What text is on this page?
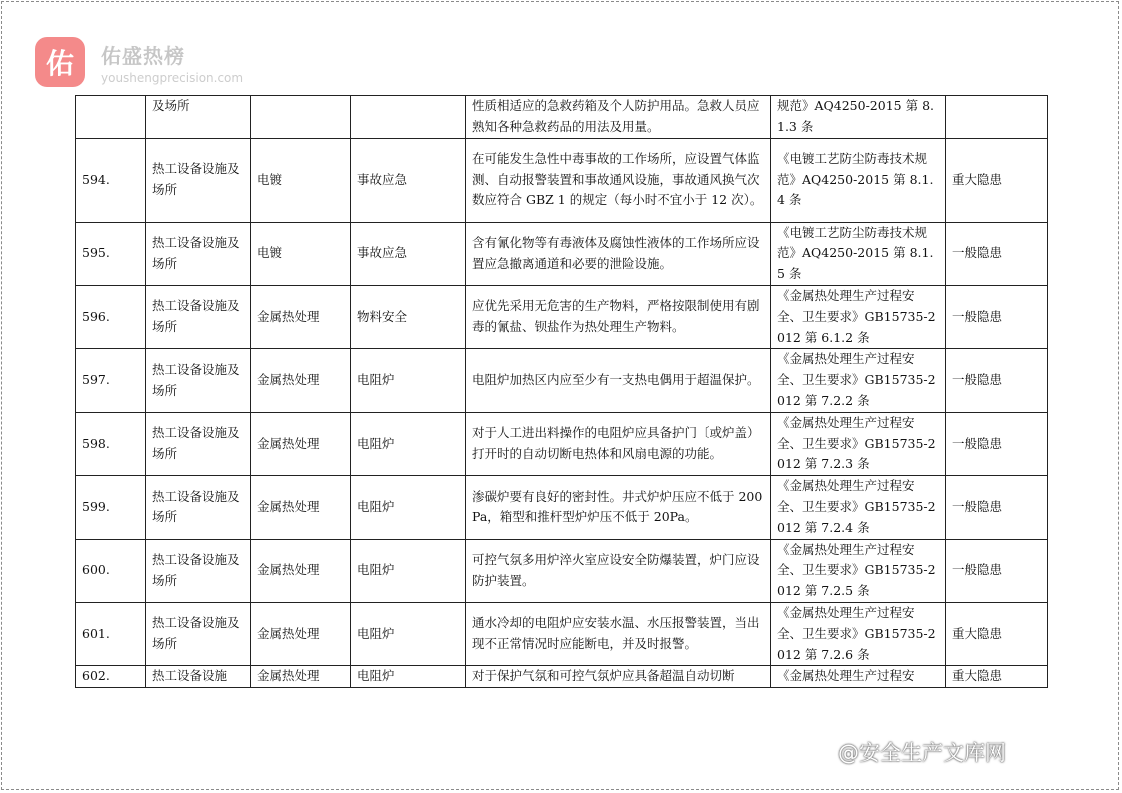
佑	佑盛热榜
youshengprecision.com
	及场所			性质相适应的急救药箱及个人防护用品。急救人员应熟知各种急救药品的用法及用量。	规范》AQ4250-2015 第 8.1.3 条	
594.	热工设备设施及场所	电镀	事故应急	在可能发生急性中毒事故的工作场所，应设置气体监测、自动报警装置和事故通风设施，事故通风换气次数应符合 GBZ 1 的规定（每小时不宜小于 12 次）。	《电镀工艺防尘防毒技术规范》AQ4250-2015 第 8.1.4 条	重大隐患
595.	热工设备设施及场所	电镀	事故应急	含有氰化物等有毒液体及腐蚀性液体的工作场所应设置应急撤离通道和必要的泄险设施。	《电镀工艺防尘防毒技术规范》AQ4250-2015 第 8.1.5 条	一般隐患
596.	热工设备设施及场所	金属热处理	物料安全	应优先采用无危害的生产物料，严格按限制使用有剧毒的氰盐、钡盐作为热处理生产物料。	《金属热处理生产过程安全、卫生要求》GB15735-2012 第 6.1.2 条	一般隐患
597.	热工设备设施及场所	金属热处理	电阻炉	电阻炉加热区内应至少有一支热电偶用于超温保护。	《金属热处理生产过程安全、卫生要求》GB15735-2012 第 7.2.2 条	一般隐患
598.	热工设备设施及场所	金属热处理	电阻炉	对于人工进出料操作的电阻炉应具备护门〔或炉盖）打开时的自动切断电热体和风扇电源的功能。	《金属热处理生产过程安全、卫生要求》GB15735-2012 第 7.2.3 条	一般隐患
599.	热工设备设施及场所	金属热处理	电阻炉	渗碳炉要有良好的密封性。井式炉炉压应不低于 200Pa，箱型和推杆型炉炉压不低于 20Pa。	《金属热处理生产过程安全、卫生要求》GB15735-2012 第 7.2.4 条	一般隐患
600.	热工设备设施及场所	金属热处理	电阻炉	可控气氛多用炉淬火室应设安全防爆装置，炉门应设防护装置。	《金属热处理生产过程安全、卫生要求》GB15735-2012 第 7.2.5 条	一般隐患
601.	热工设备设施及场所	金属热处理	电阻炉	通水冷却的电阻炉应安装水温、水压报警装置，当出现不正常情况时应能断电，并及时报警。	《金属热处理生产过程安全、卫生要求》GB15735-2012 第 7.2.6 条	重大隐患
602.	热工设备设施	金属热处理	电阻炉	对于保护气氛和可控气氛炉应具备超温自动切断	《金属热处理生产过程安	重大隐患
@安全生产文库网
